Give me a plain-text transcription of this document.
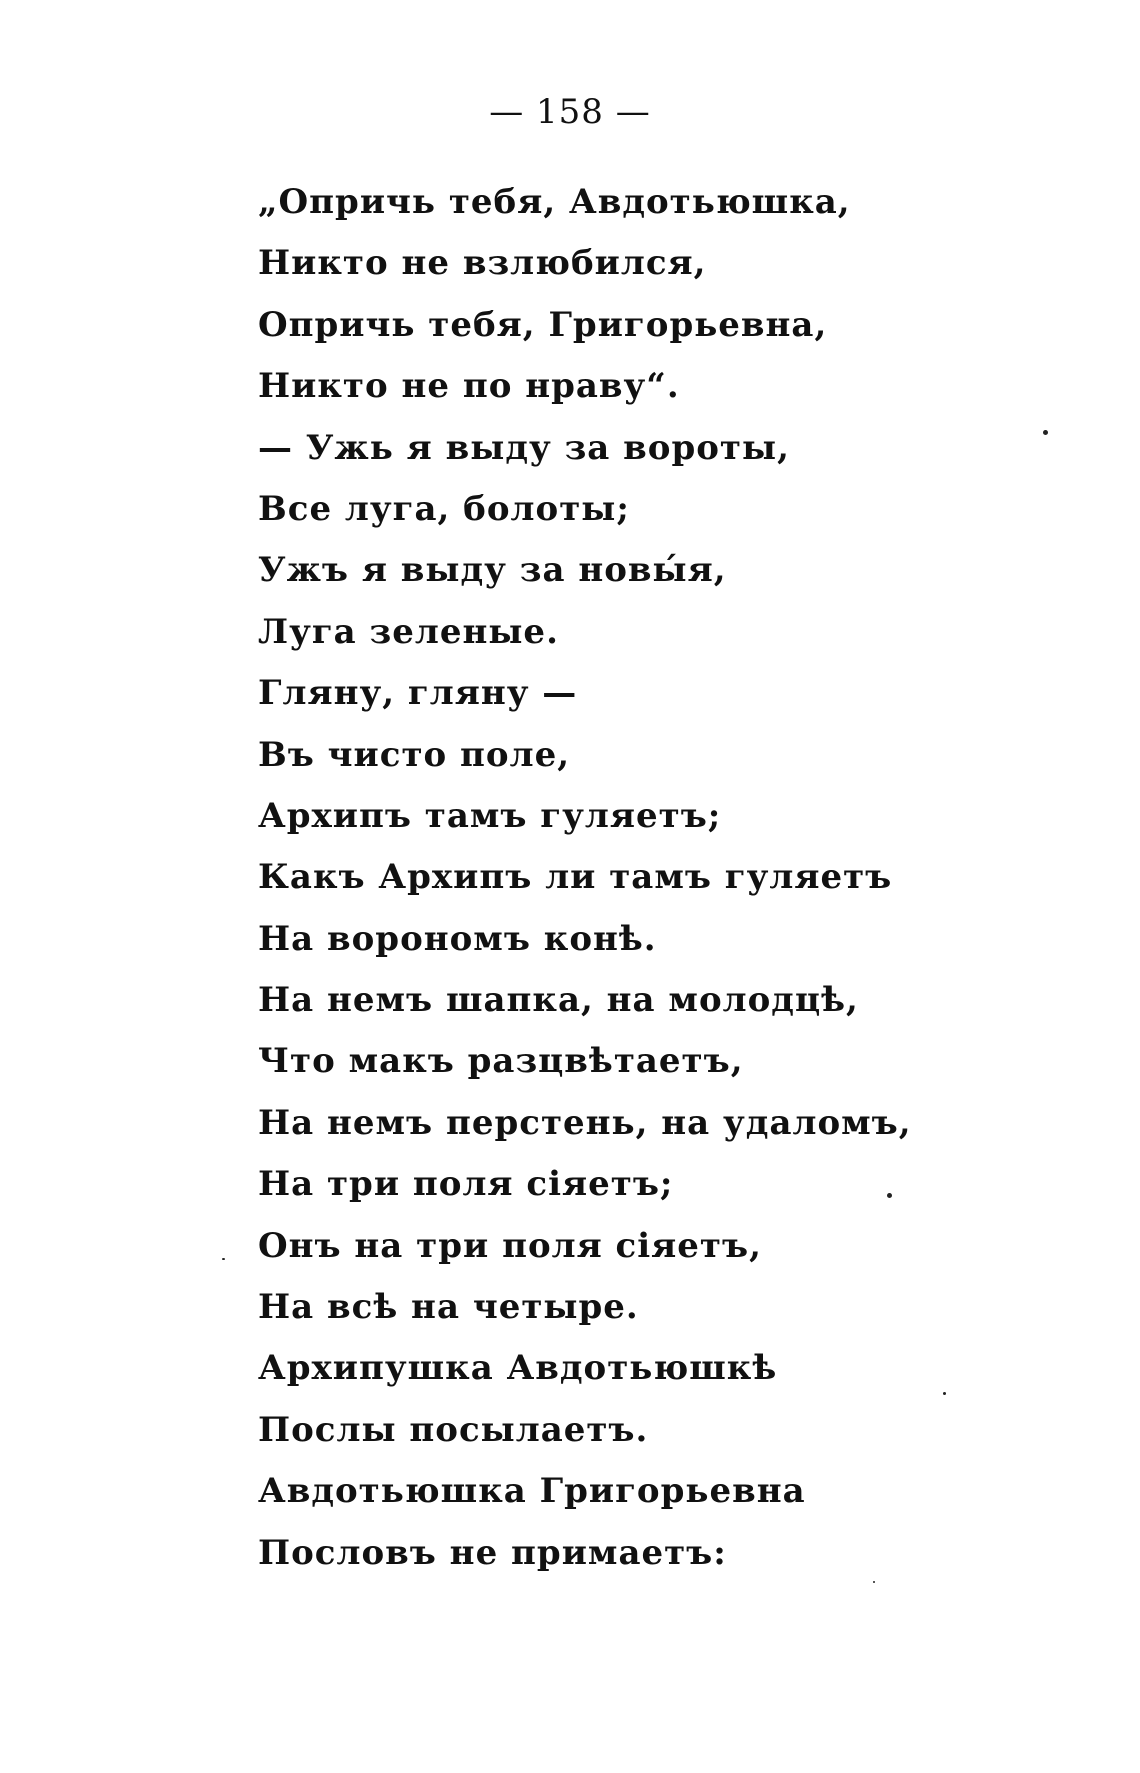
— 158 —
„Опричь тебя, Авдотьюшка,
Никто не взлюбился,
Опричь тебя, Григорьевна,
Никто не по нраву“.
— Ужь я выду за вороты,
Все луга, болоты;
Ужъ я выду за новы́я,
Луга зеленые.
Гляну, гляну —
Въ чисто поле,
Архипъ тамъ гуляетъ;
Какъ Архипъ ли тамъ гуляетъ
На ворономъ конѣ.
На немъ шапка, на молодцѣ,
Что макъ разцвѣтаетъ,
На немъ перстень, на удаломъ,
На три поля сіяетъ;
Онъ на три поля сіяетъ,
На всѣ на четыре.
Архипушка Авдотьюшкѣ
Послы посылаетъ.
Авдотьюшка Григорьевна
Пословъ не примаетъ:
